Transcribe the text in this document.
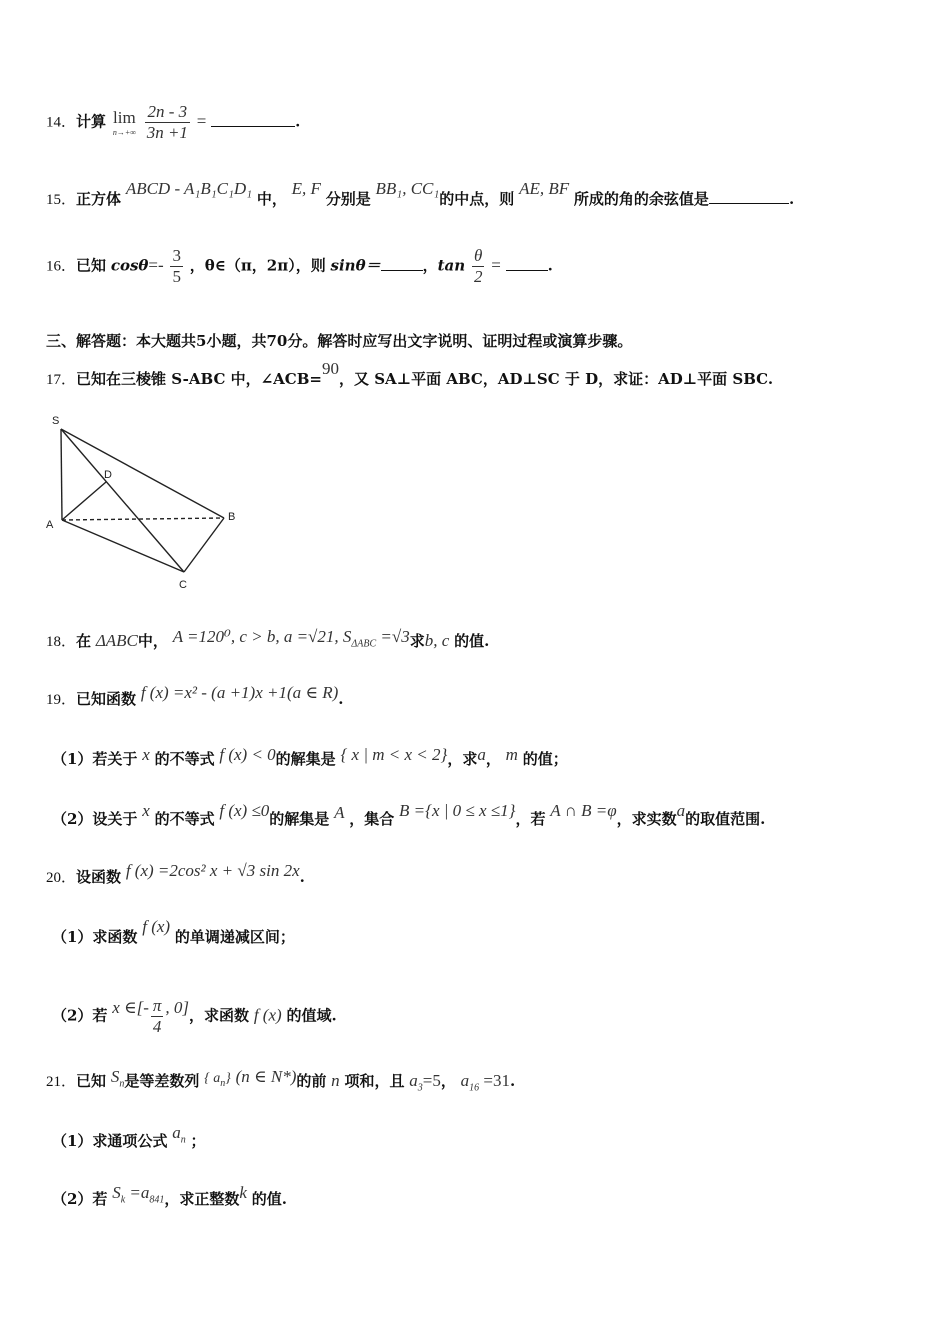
14．计算 lim
n→+∞
$\frac{2n - 3}{3n +1}$ =	.
15．正方体 ABCD - A₁B₁C₁D₁ 中， E, F 分别是 BB₁, CC₁的中点，则 AE, BF 所成的角的余弦值是	.
16．已知 $\cos\theta=- \frac{3}{5}$ ，θ∈（π，2π），则 sinθ＝	，$\tan \frac{\theta}{2}$ =	.
三、解答题：本大题共5小题，共70分。解答时应写出文字说明、证明过程或演算步骤。
17．已知在三棱锥 S-ABC 中，∠ACB=90，又 SA⊥平面 ABC，AD⊥SC 于 D，求证：AD⊥平面 SBC.
S
D
A
B
C
18．在 ΔABC中， A =120⁰, c > b, a =√21, $S_{\Delta ABC} =√3$求b, c 的值.
19．已知函数 f (x) =x² - (a +1)x +1(a ∈ R).
（1）若关于 x 的不等式 f (x) < 0的解集是 { x | m < x < 2}，求a， m 的值；
（2）设关于 x 的不等式 f (x) ≤0的解集是 A ，集合 B ={x | 0 ≤ x ≤1}，若 A ∩ B =φ，求实数a的取值范围.
20．设函数 f (x) =2cos² x + √3 sin 2x.
（1）求函数 f (x) 的单调递减区间；
（2）若 x ∈[- $\frac{\pi}{4}$ , 0]，求函数 f (x) 的值域.
21．已知 $S_n$是等差数列 { $a_n$} (n ∈ N*)的前 n 项和，且 $a_3=5$， $a_{16} =31$.
（1）求通项公式 $a_n$ ；
（2）若 $S_k =a_{841}$，求正整数k 的值.
